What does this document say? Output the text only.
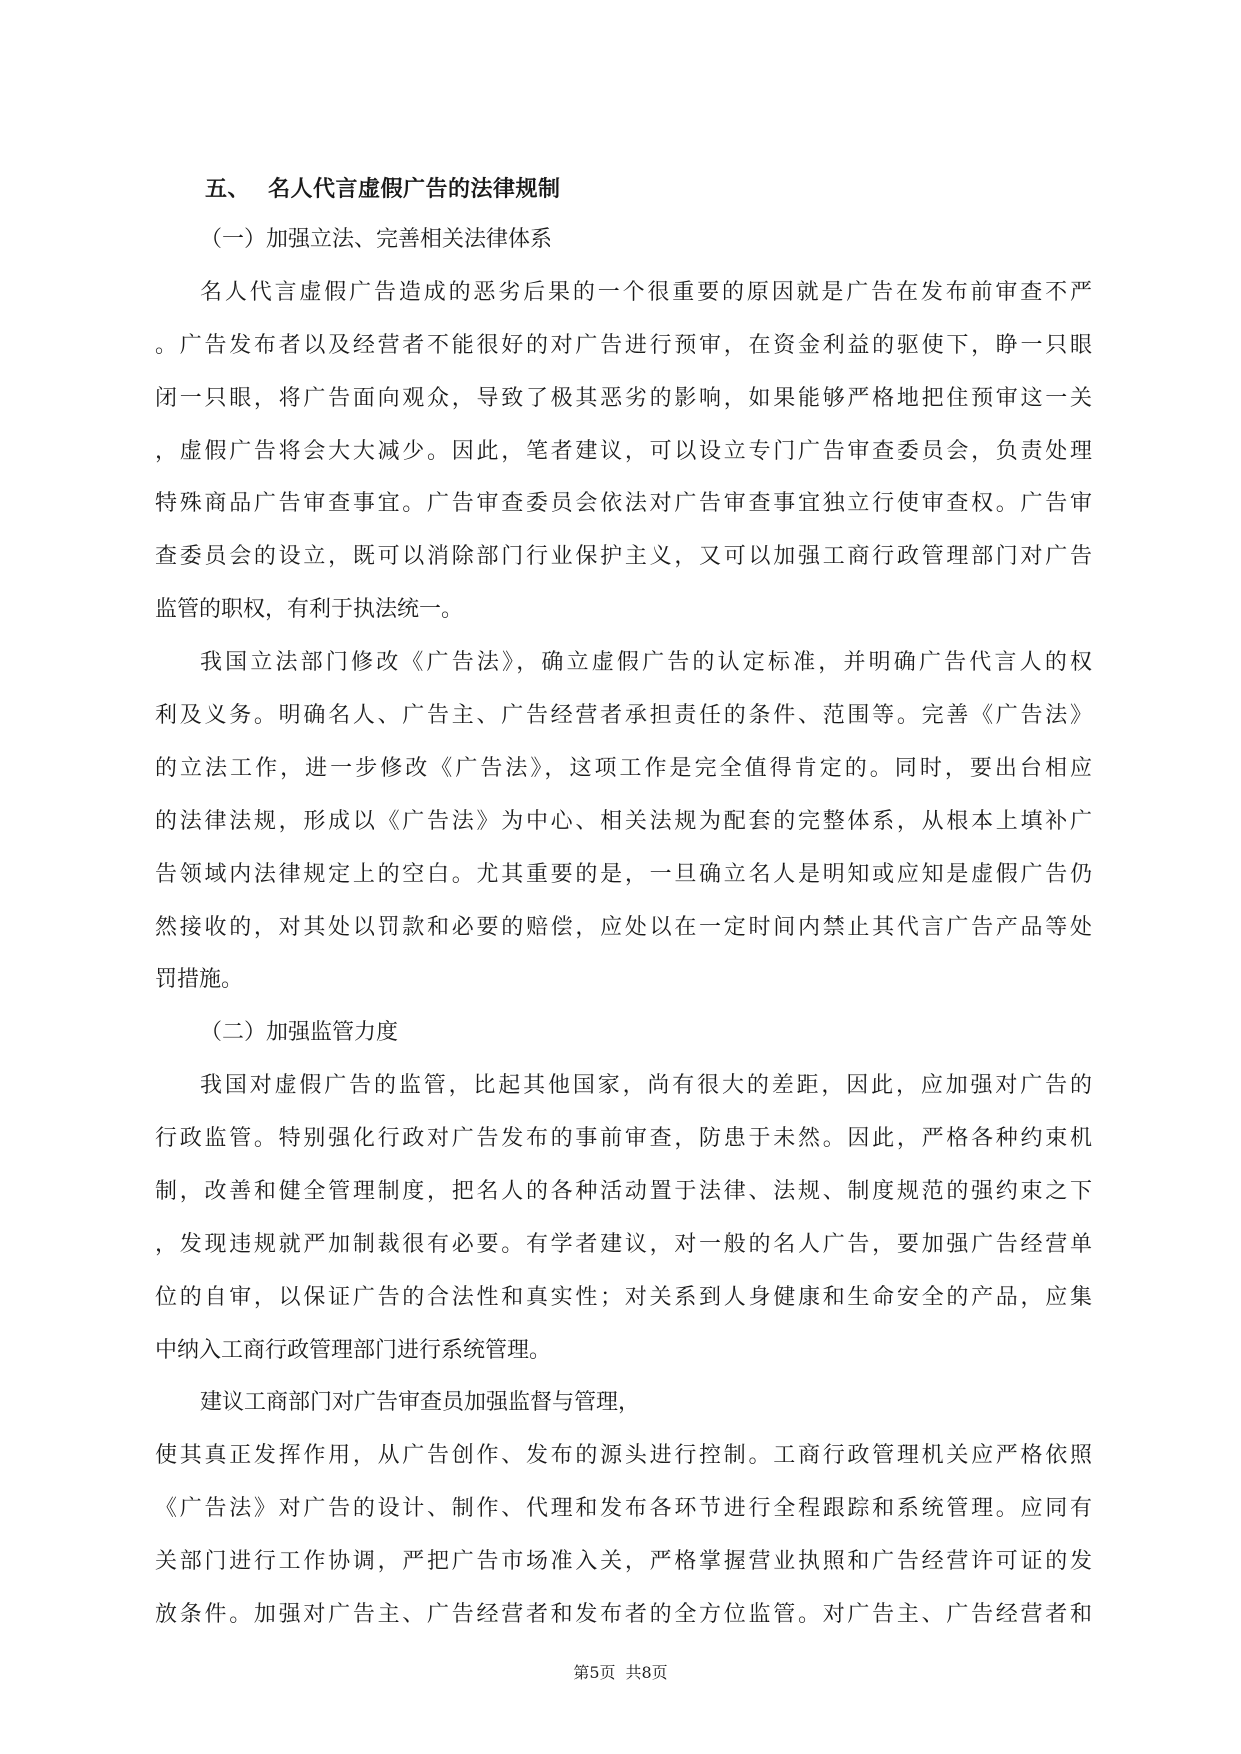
五、 名人代言虚假广告的法律规制
（一）加强立法、完善相关法律体系
名人代言虚假广告造成的恶劣后果的一个很重要的原因就是广告在发布前审查不严
。广告发布者以及经营者不能很好的对广告进行预审，在资金利益的驱使下，睁一只眼
闭一只眼，将广告面向观众，导致了极其恶劣的影响，如果能够严格地把住预审这一关
，虚假广告将会大大减少。因此，笔者建议，可以设立专门广告审查委员会，负责处理
特殊商品广告审查事宜。广告审查委员会依法对广告审查事宜独立行使审查权。广告审
查委员会的设立，既可以消除部门行业保护主义，又可以加强工商行政管理部门对广告
监管的职权，有利于执法统一。
我国立法部门修改《广告法》，确立虚假广告的认定标准，并明确广告代言人的权
利及义务。明确名人、广告主、广告经营者承担责任的条件、范围等。完善《广告法》
的立法工作，进一步修改《广告法》，这项工作是完全值得肯定的。同时，要出台相应
的法律法规，形成以《广告法》为中心、相关法规为配套的完整体系，从根本上填补广
告领域内法律规定上的空白。尤其重要的是，一旦确立名人是明知或应知是虚假广告仍
然接收的，对其处以罚款和必要的赔偿，应处以在一定时间内禁止其代言广告产品等处
罚措施。
（二）加强监管力度
我国对虚假广告的监管，比起其他国家，尚有很大的差距，因此，应加强对广告的
行政监管。特别强化行政对广告发布的事前审查，防患于未然。因此，严格各种约束机
制，改善和健全管理制度，把名人的各种活动置于法律、法规、制度规范的强约束之下
，发现违规就严加制裁很有必要。有学者建议，对一般的名人广告，要加强广告经营单
位的自审，以保证广告的合法性和真实性；对关系到人身健康和生命安全的产品，应集
中纳入工商行政管理部门进行系统管理。
建议工商部门对广告审查员加强监督与管理，
使其真正发挥作用，从广告创作、发布的源头进行控制。工商行政管理机关应严格依照
《广告法》对广告的设计、制作、代理和发布各环节进行全程跟踪和系统管理。应同有
关部门进行工作协调，严把广告市场准入关，严格掌握营业执照和广告经营许可证的发
放条件。加强对广告主、广告经营者和发布者的全方位监管。对广告主、广告经营者和
第5页 共8页
